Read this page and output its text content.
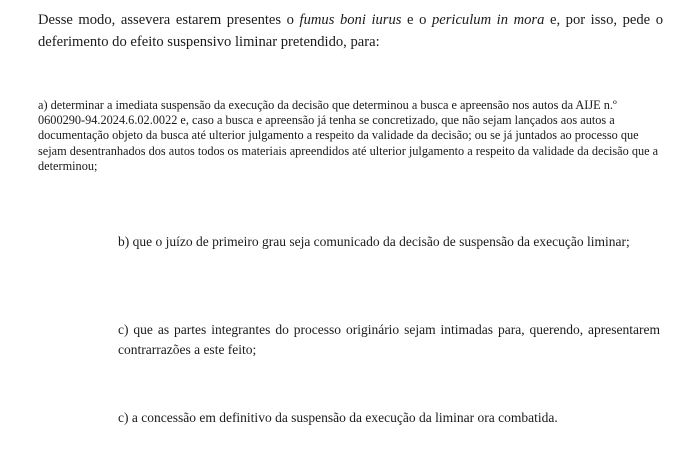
Desse modo, assevera estarem presentes o fumus boni iurus e o periculum in mora e, por isso, pede o deferimento do efeito suspensivo liminar pretendido, para:

a) determinar a imediata suspensão da execução da decisão que determinou a busca e apreensão nos autos da AIJE n.º 0600290-94.2024.6.02.0022 e, caso a busca e apreensão já tenha se concretizado, que não sejam lançados aos autos a documentação objeto da busca até ulterior julgamento a respeito da validade da decisão; ou se já juntados ao processo que sejam desentranhados dos autos todos os materiais apreendidos até ulterior julgamento a respeito da validade da decisão que a determinou;

b) que o juízo de primeiro grau seja comunicado da decisão de suspensão da execução liminar;

c) que as partes integrantes do processo originário sejam intimadas para, querendo, apresentarem contrarrazões a este feito;

c) a concessão em definitivo da suspensão da execução da liminar ora combatida.
